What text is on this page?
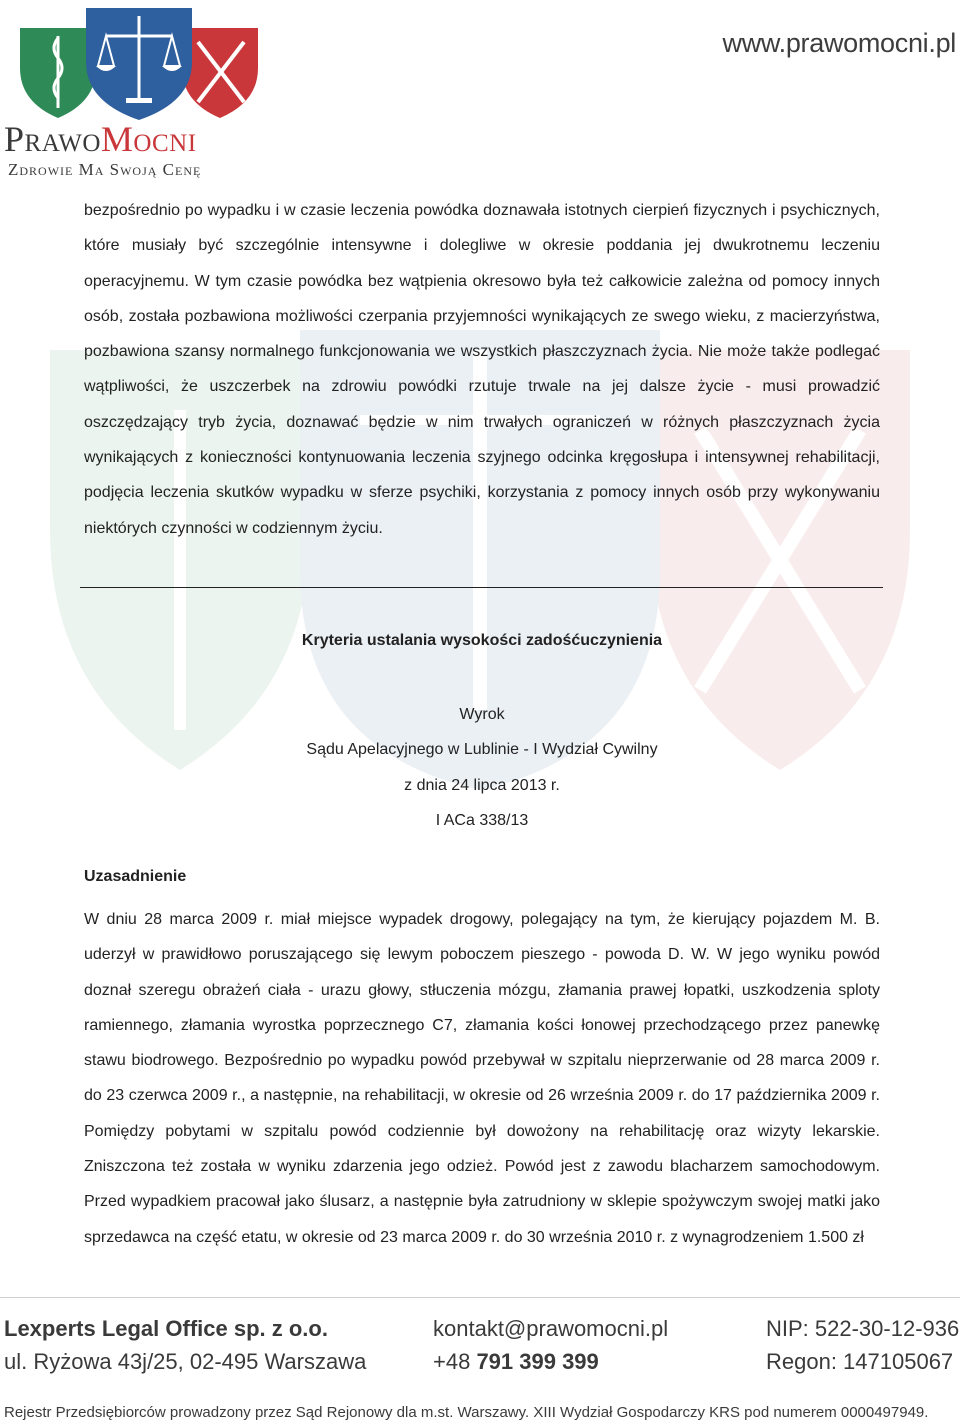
PrawoMocni
Zdrowie Ma Swoją Cenę
www.prawomocni.pl
bezpośrednio po wypadku i w czasie leczenia powódka doznawała istotnych cierpień fizycznych i psychicznych, które musiały być szczególnie intensywne i dolegliwe w okresie poddania jej dwukrotnemu leczeniu operacyjnemu. W tym czasie powódka bez wątpienia okresowo była też całkowicie zależna od pomocy innych osób, została pozbawiona możliwości czerpania przyjemności wynikających ze swego wieku, z macierzyństwa, pozbawiona szansy normalnego funkcjonowania we wszystkich płaszczyznach życia. Nie może także podlegać wątpliwości, że uszczerbek na zdrowiu powódki rzutuje trwale na jej dalsze życie - musi prowadzić oszczędzający tryb życia, doznawać będzie w nim trwałych ograniczeń w różnych płaszczyznach życia wynikających z konieczności kontynuowania leczenia szyjnego odcinka kręgosłupa i intensywnej rehabilitacji, podjęcia leczenia skutków wypadku w sferze psychiki, korzystania z pomocy innych osób przy wykonywaniu niektórych czynności w codziennym życiu.
Kryteria ustalania wysokości zadośćuczynienia
Wyrok
Sądu Apelacyjnego w Lublinie - I Wydział Cywilny
z dnia 24 lipca 2013 r.
I ACa 338/13
Uzasadnienie
W dniu 28 marca 2009 r. miał miejsce wypadek drogowy, polegający na tym, że kierujący pojazdem M. B. uderzył w prawidłowo poruszającego się lewym poboczem pieszego - powoda D. W. W jego wyniku powód doznał szeregu obrażeń ciała - urazu głowy, stłuczenia mózgu, złamania prawej łopatki, uszkodzenia sploty ramiennego, złamania wyrostka poprzecznego C7, złamania kości łonowej przechodzącego przez panewkę stawu biodrowego. Bezpośrednio po wypadku powód przebywał w szpitalu nieprzerwanie od 28 marca 2009 r. do 23 czerwca 2009 r., a następnie, na rehabilitacji, w okresie od 26 września 2009 r. do 17 października 2009 r. Pomiędzy pobytami w szpitalu powód codziennie był dowożony na rehabilitację oraz wizyty lekarskie. Zniszczona też została w wyniku zdarzenia jego odzież. Powód jest z zawodu blacharzem samochodowym. Przed wypadkiem pracował jako ślusarz, a następnie była zatrudniony w sklepie spożywczym swojej matki jako sprzedawca na część etatu, w okresie od 23 marca 2009 r. do 30 września 2010 r. z wynagrodzeniem 1.500 zł
Lexperts Legal Office sp. z o.o.
ul. Ryżowa 43j/25, 02-495 Warszawa
kontakt@prawomocni.pl
+48 791 399 399
NIP: 522-30-12-936
Regon: 147105067
Rejestr Przedsiębiorców prowadzony przez Sąd Rejonowy dla m.st. Warszawy. XIII Wydział Gospodarczy KRS pod numerem 0000497949.
